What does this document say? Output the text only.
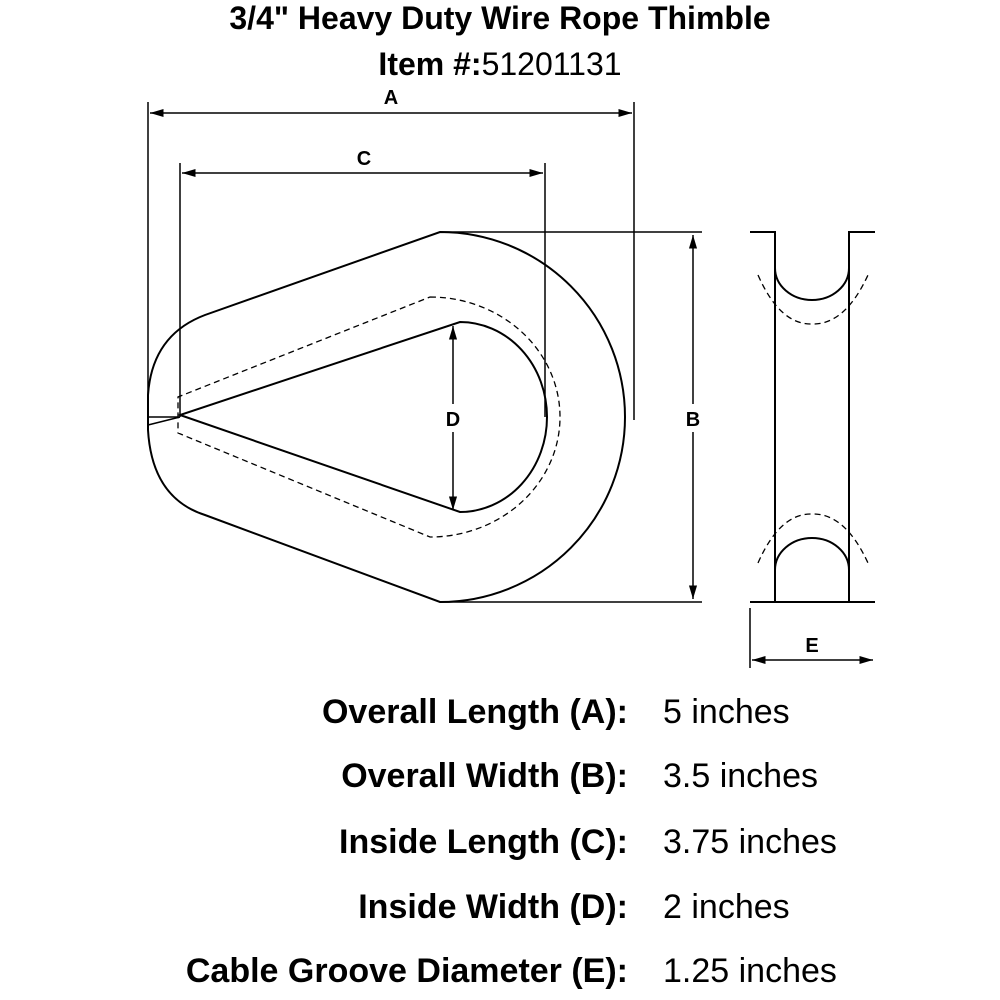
3/4" Heavy Duty Wire Rope Thimble
Item #:51201131
A
C
D	B
E
Overall Length (A): 5 inches
Overall Width (B): 3.5 inches
Inside Length (C): 3.75 inches
Inside Width (D): 2 inches
Cable Groove Diameter (E): 1.25 inches
